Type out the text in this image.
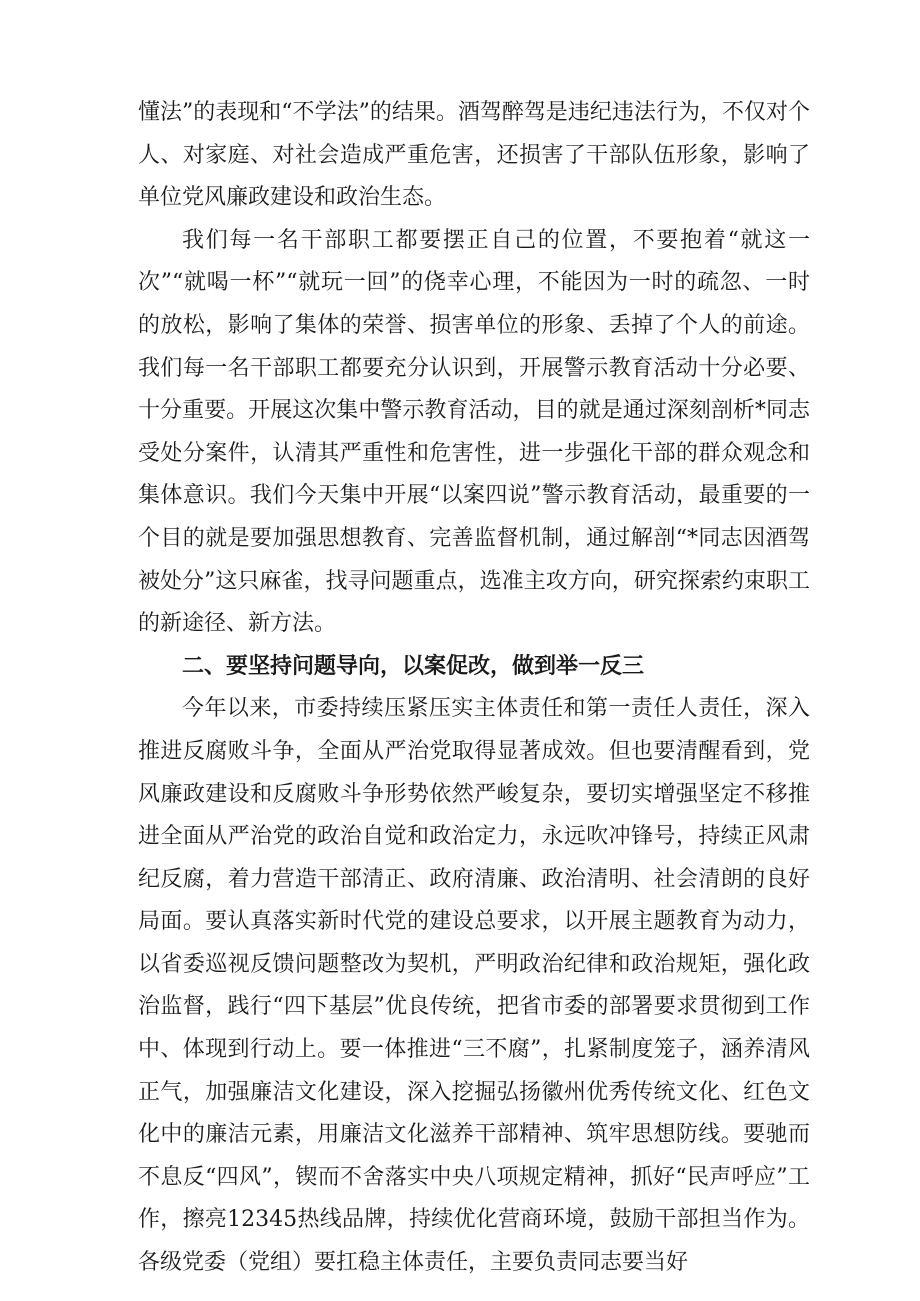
懂法”的表现和“不学法”的结果。酒驾醉驾是违纪违法行为，不仅对个人、对家庭、对社会造成严重危害，还损害了干部队伍形象，影响了单位党风廉政建设和政治生态。

我们每一名干部职工都要摆正自己的位置，不要抱着“就这一次”“就喝一杯”“就玩一回”的侥幸心理，不能因为一时的疏忽、一时的放松，影响了集体的荣誉、损害单位的形象、丢掉了个人的前途。我们每一名干部职工都要充分认识到，开展警示教育活动十分必要、十分重要。开展这次集中警示教育活动，目的就是通过深刻剖析*同志受处分案件，认清其严重性和危害性，进一步强化干部的群众观念和集体意识。我们今天集中开展“以案四说”警示教育活动，最重要的一个目的就是要加强思想教育、完善监督机制，通过解剖“*同志因酒驾被处分”这只麻雀，找寻问题重点，选准主攻方向，研究探索约束职工的新途径、新方法。

二、要坚持问题导向，以案促改，做到举一反三

今年以来，市委持续压紧压实主体责任和第一责任人责任，深入推进反腐败斗争，全面从严治党取得显著成效。但也要清醒看到，党风廉政建设和反腐败斗争形势依然严峻复杂，要切实增强坚定不移推进全面从严治党的政治自觉和政治定力，永远吹冲锋号，持续正风肃纪反腐，着力营造干部清正、政府清廉、政治清明、社会清朗的良好局面。要认真落实新时代党的建设总要求，以开展主题教育为动力，以省委巡视反馈问题整改为契机，严明政治纪律和政治规矩，强化政治监督，践行“四下基层”优良传统，把省市委的部署要求贯彻到工作中、体现到行动上。要一体推进“三不腐”，扎紧制度笼子，涵养清风正气，加强廉洁文化建设，深入挖掘弘扬徽州优秀传统文化、红色文化中的廉洁元素，用廉洁文化滋养干部精神、筑牢思想防线。要驰而不息反“四风”，锲而不舍落实中央八项规定精神，抓好“民声呼应”工作，擦亮12345热线品牌，持续优化营商环境，鼓励干部担当作为。各级党委（党组）要扛稳主体责任，主要负责同志要当好
